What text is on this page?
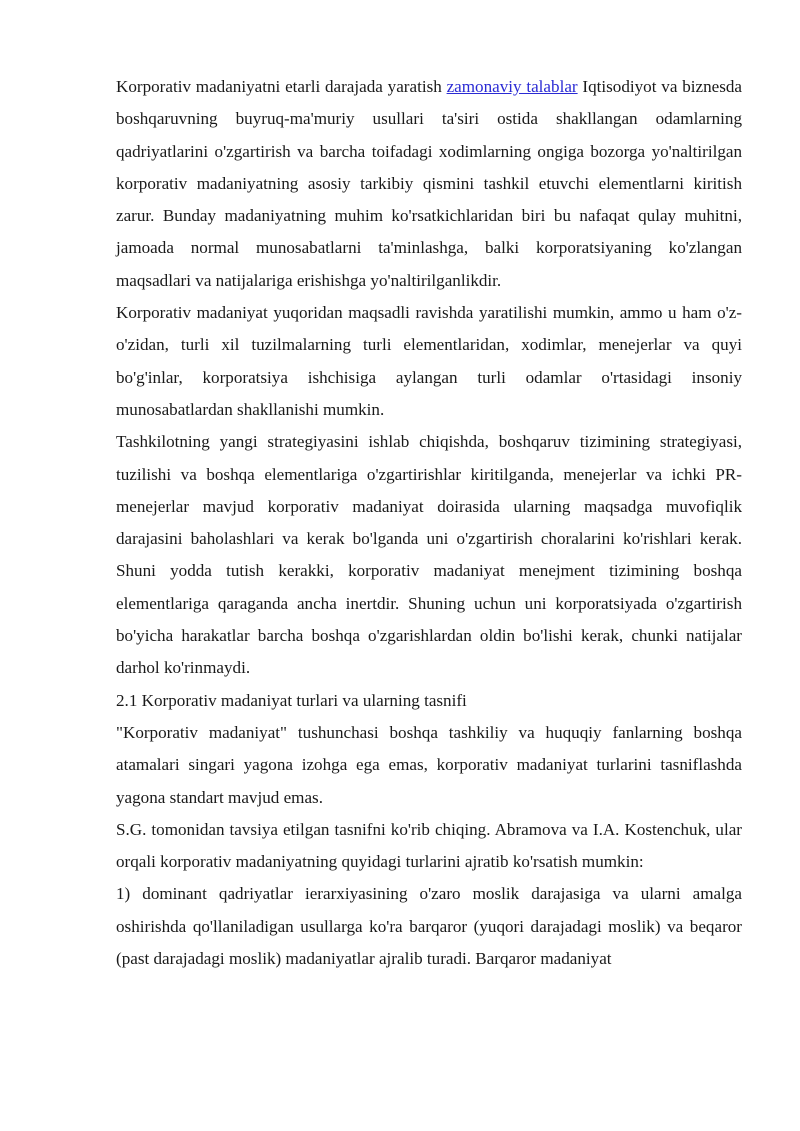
Korporativ madaniyatni etarli darajada yaratish zamonaviy talablar Iqtisodiyot va biznesda boshqaruvning buyruq-ma'muriy usullari ta'siri ostida shakllangan odamlarning qadriyatlarini o'zgartirish va barcha toifadagi xodimlarning ongiga bozorga yo'naltirilgan korporativ madaniyatning asosiy tarkibiy qismini tashkil etuvchi elementlarni kiritish zarur. Bunday madaniyatning muhim ko'rsatkichlaridan biri bu nafaqat qulay muhitni, jamoada normal munosabatlarni ta'minlashga, balki korporatsiyaning ko'zlangan maqsadlari va natijalariga erishishga yo'naltirilganlikdir.

Korporativ madaniyat yuqoridan maqsadli ravishda yaratilishi mumkin, ammo u ham o'z-o'zidan, turli xil tuzilmalarning turli elementlaridan, xodimlar, menejerlar va quyi bo'g'inlar, korporatsiya ishchisiga aylangan turli odamlar o'rtasidagi insoniy munosabatlardan shakllanishi mumkin.

Tashkilotning yangi strategiyasini ishlab chiqishda, boshqaruv tizimining strategiyasi, tuzilishi va boshqa elementlariga o'zgartirishlar kiritilganda, menejerlar va ichki PR-menejerlar mavjud korporativ madaniyat doirasida ularning maqsadga muvofiqlik darajasini baholashlari va kerak bo'lganda uni o'zgartirish choralarini ko'rishlari kerak. Shuni yodda tutish kerakki, korporativ madaniyat menejment tizimining boshqa elementlariga qaraganda ancha inertdir. Shuning uchun uni korporatsiyada o'zgartirish bo'yicha harakatlar barcha boshqa o'zgarishlardan oldin bo'lishi kerak, chunki natijalar darhol ko'rinmaydi.

2.1 Korporativ madaniyat turlari va ularning tasnifi

"Korporativ madaniyat" tushunchasi boshqa tashkiliy va huquqiy fanlarning boshqa atamalari singari yagona izohga ega emas, korporativ madaniyat turlarini tasniflashda yagona standart mavjud emas.

S.G. tomonidan tavsiya etilgan tasnifni ko'rib chiqing. Abramova va I.A. Kostenchuk, ular orqali korporativ madaniyatning quyidagi turlarini ajratib ko'rsatish mumkin:

1) dominant qadriyatlar ierarxiyasining o'zaro moslik darajasiga va ularni amalga oshirishda qo'llaniladigan usullarga ko'ra barqaror (yuqori darajadagi moslik) va beqaror (past darajadagi moslik) madaniyatlar ajralib turadi. Barqaror madaniyat
